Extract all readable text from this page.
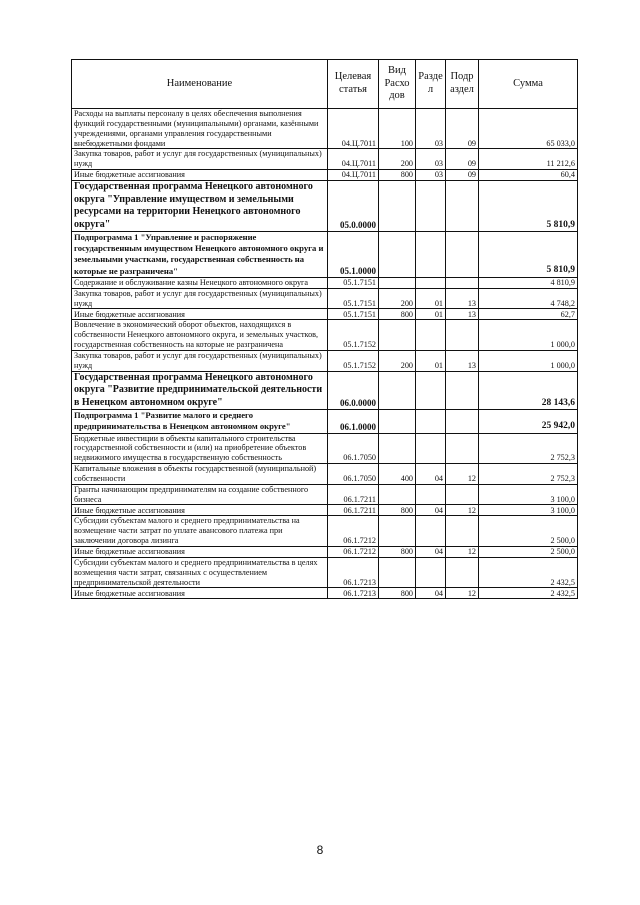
Наименование	Целевая статья	Вид Расхо дов	Разде л	Подр аздел	Сумма
Расходы на выплаты персоналу в целях обеспечения выполнения функций государственными (муниципальными) органами, казёнными учреждениями, органами управления государственными внебюджетными фондами	04.Ц.7011	100	03	09	65 033,0
Закупка товаров, работ и услуг для государственных (муниципальных) нужд	04.Ц.7011	200	03	09	11 212,6
Иные бюджетные ассигнования	04.Ц.7011	800	03	09	60,4
Государственная программа Ненецкого автономного округа "Управление имуществом и земельными ресурсами на территории Ненецкого автономного округа"	05.0.0000				5 810,9
Подпрограмма 1 "Управление и распоряжение государственным имуществом Ненецкого автономного округа и земельными участками, государственная собственность на которые не разграничена"	05.1.0000				5 810,9
Содержание и обслуживание казны Ненецкого автономного округа	05.1.7151				4 810,9
Закупка товаров, работ и услуг для государственных (муниципальных) нужд	05.1.7151	200	01	13	4 748,2
Иные бюджетные ассигнования	05.1.7151	800	01	13	62,7
Вовлечение в экономический оборот объектов, находящихся в собственности Ненецкого автономного округа, и земельных участков, государственная собственность на которые не разграничена	05.1.7152				1 000,0
Закупка товаров, работ и услуг для государственных (муниципальных) нужд	05.1.7152	200	01	13	1 000,0
Государственная программа Ненецкого автономного округа "Развитие предпринимательской деятельности в Ненецком автономном округе"	06.0.0000				28 143,6
Подпрограмма 1 "Развитие малого и среднего предпринимательства в Ненецком автономном округе"	06.1.0000				25 942,0
Бюджетные инвестиции в объекты капитального строительства государственной собственности и (или) на приобретение объектов недвижимого имущества в государственную собственность	06.1.7050				2 752,3
Капитальные вложения в объекты государственной (муниципальной) собственности	06.1.7050	400	04	12	2 752,3
Гранты начинающим предпринимателям на создание собственного бизнеса	06.1.7211				3 100,0
Иные бюджетные ассигнования	06.1.7211	800	04	12	3 100,0
Субсидии субъектам малого и среднего предпринимательства на возмещение части затрат по уплате авансового платежа при заключении договора лизинга	06.1.7212				2 500,0
Иные бюджетные ассигнования	06.1.7212	800	04	12	2 500,0
Субсидии субъектам малого и среднего предпринимательства в целях возмещения части затрат, связанных с осуществлением предпринимательской деятельности	06.1.7213				2 432,5
Иные бюджетные ассигнования	06.1.7213	800	04	12	2 432,5
8
